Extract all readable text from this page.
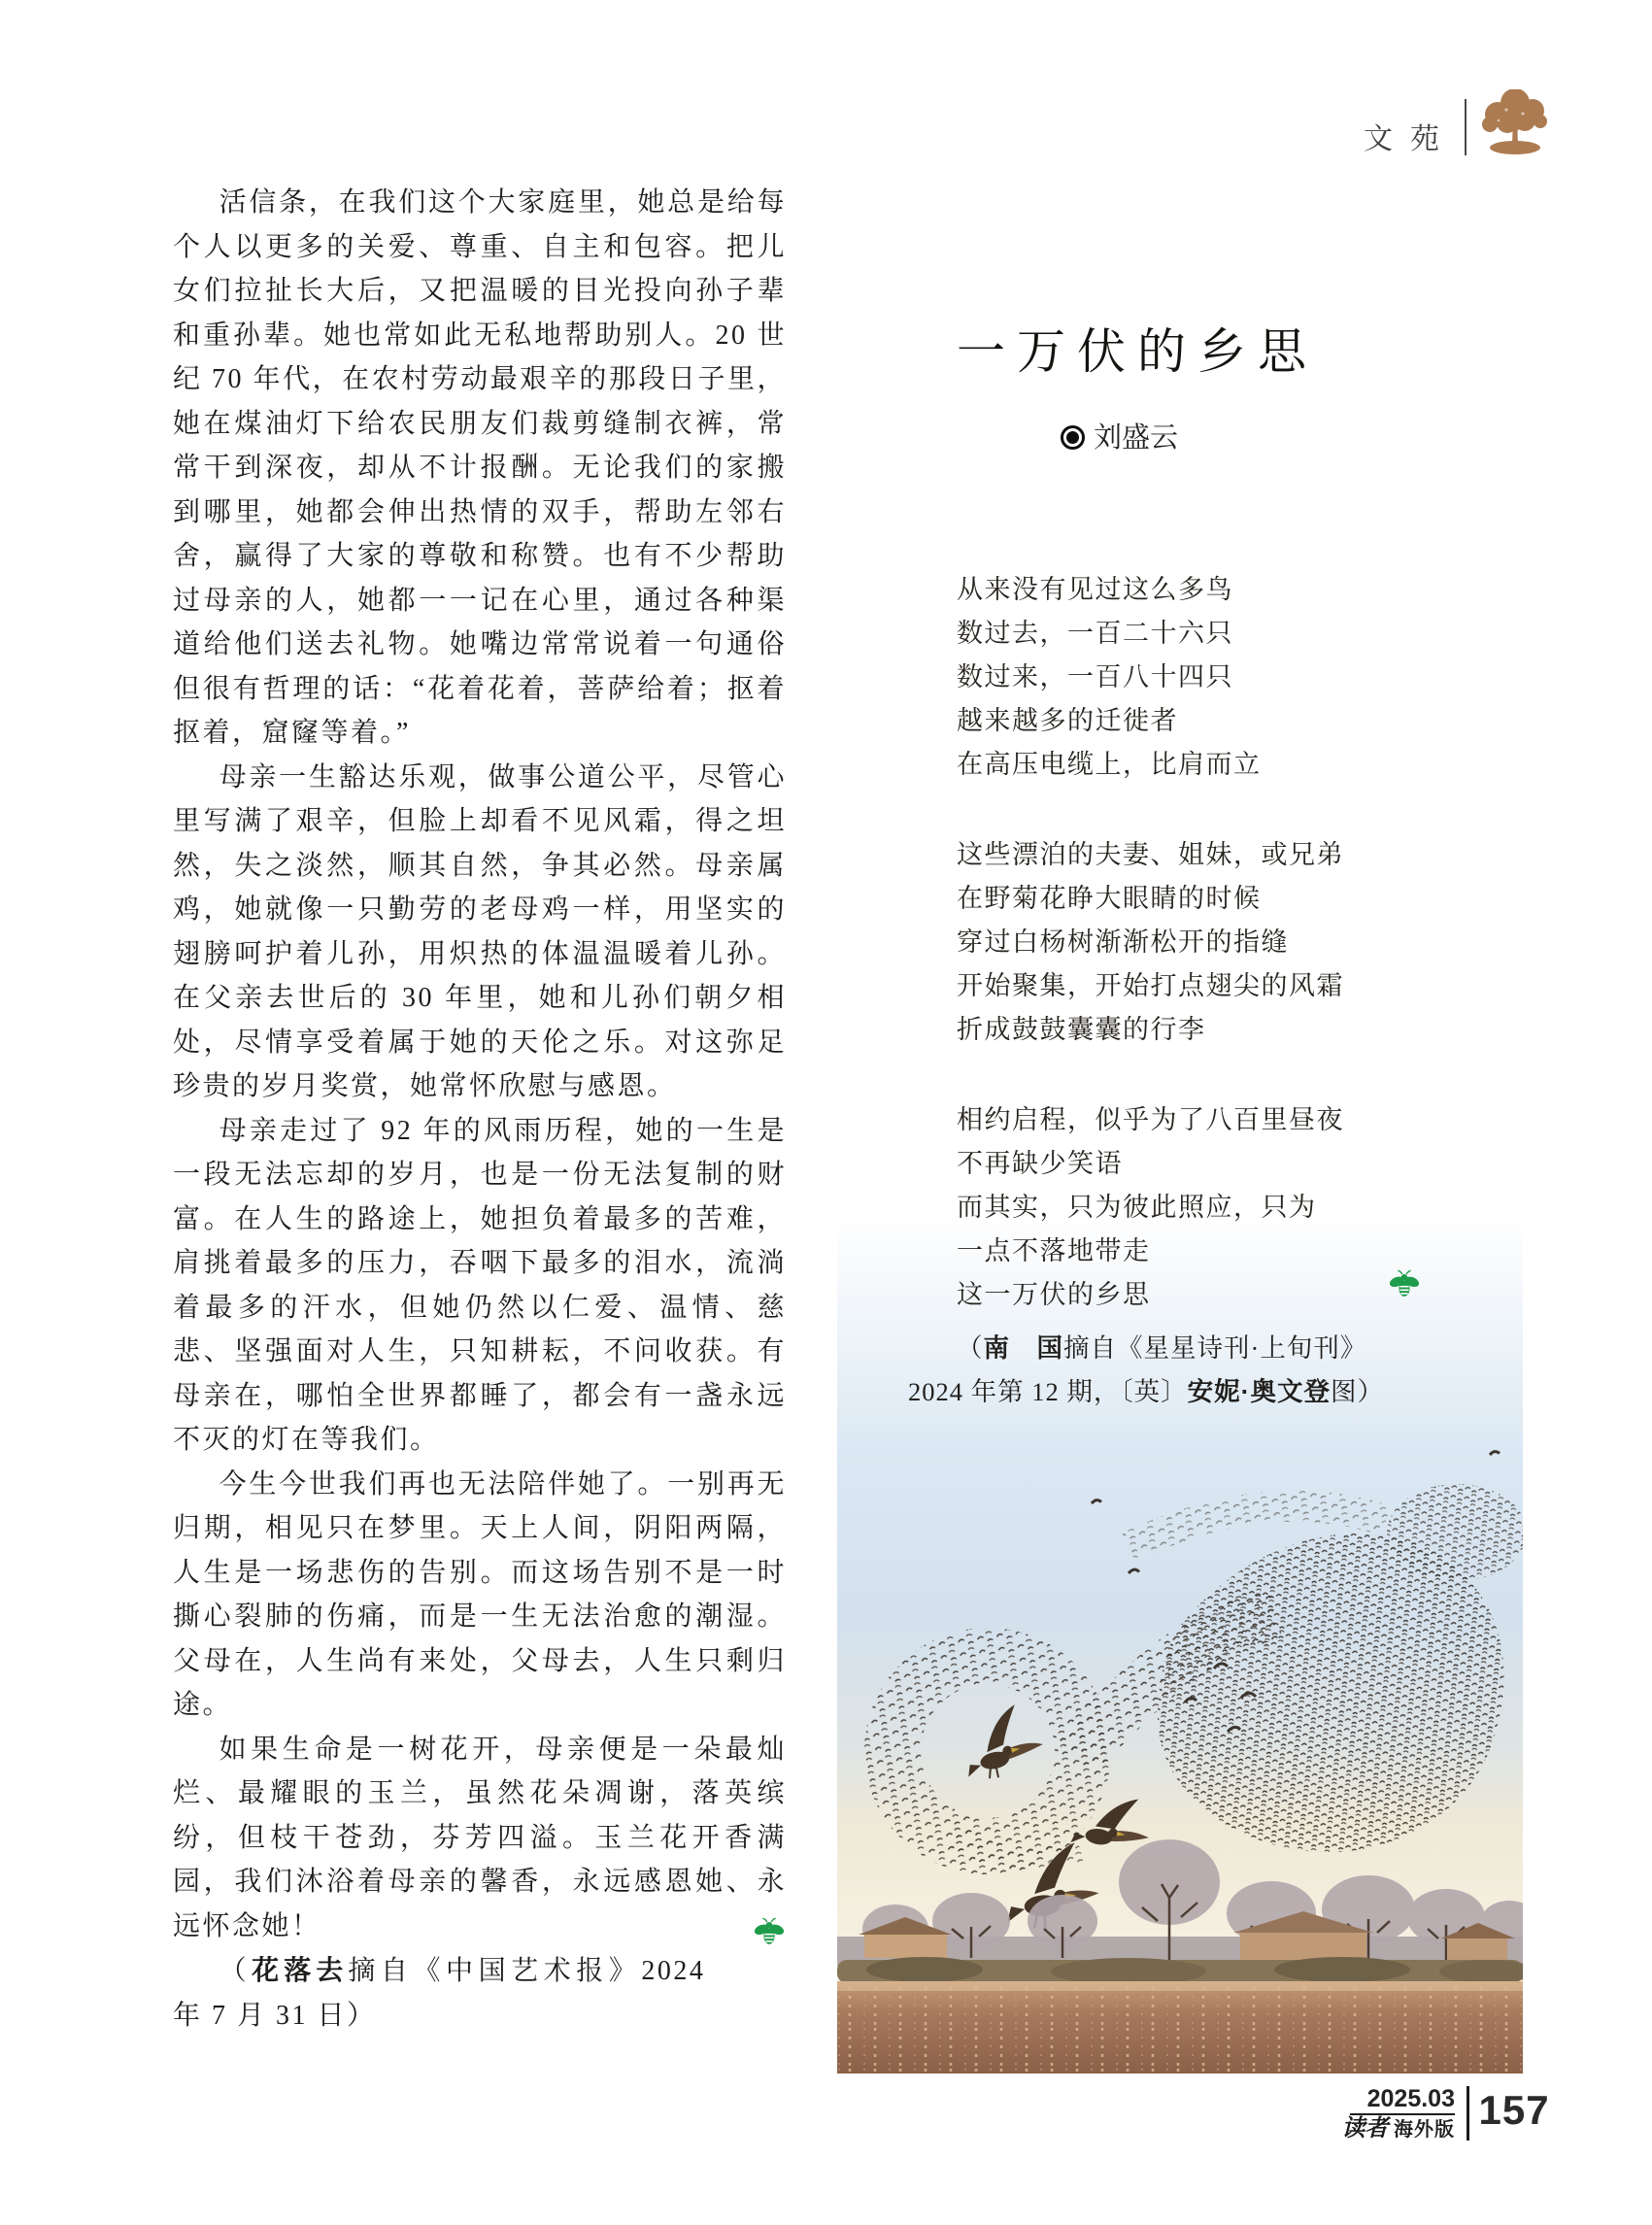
文苑

活信条，在我们这个大家庭里，她总是给每个人以更多的关爱、尊重、自主和包容。把儿女们拉扯长大后，又把温暖的目光投向孙子辈和重孙辈。她也常如此无私地帮助别人。20 世纪 70 年代，在农村劳动最艰辛的那段日子里，她在煤油灯下给农民朋友们裁剪缝制衣裤，常常干到深夜，却从不计报酬。无论我们的家搬到哪里，她都会伸出热情的双手，帮助左邻右舍，赢得了大家的尊敬和称赞。也有不少帮助过母亲的人，她都一一记在心里，通过各种渠道给他们送去礼物。她嘴边常常说着一句通俗但很有哲理的话：“花着花着，菩萨给着；抠着抠着，窟窿等着。”

母亲一生豁达乐观，做事公道公平，尽管心里写满了艰辛，但脸上却看不见风霜，得之坦然，失之淡然，顺其自然，争其必然。母亲属鸡，她就像一只勤劳的老母鸡一样，用坚实的翅膀呵护着儿孙，用炽热的体温温暖着儿孙。在父亲去世后的 30 年里，她和儿孙们朝夕相处，尽情享受着属于她的天伦之乐。对这弥足珍贵的岁月奖赏，她常怀欣慰与感恩。

母亲走过了 92 年的风雨历程，她的一生是一段无法忘却的岁月，也是一份无法复制的财富。在人生的路途上，她担负着最多的苦难，肩挑着最多的压力，吞咽下最多的泪水，流淌着最多的汗水，但她仍然以仁爱、温情、慈悲、坚强面对人生，只知耕耘，不问收获。有母亲在，哪怕全世界都睡了，都会有一盏永远不灭的灯在等我们。

今生今世我们再也无法陪伴她了。一别再无归期，相见只在梦里。天上人间，阴阳两隔，人生是一场悲伤的告别。而这场告别不是一时撕心裂肺的伤痛，而是一生无法治愈的潮湿。父母在，人生尚有来处，父母去，人生只剩归途。

如果生命是一树花开，母亲便是一朵最灿烂、最耀眼的玉兰，虽然花朵凋谢，落英缤纷，但枝干苍劲，芬芳四溢。玉兰花开香满园，我们沐浴着母亲的馨香，永远感恩她、永远怀念她！

（花落去摘自《中国艺术报》2024 年 7 月 31 日）

一万伏的乡思
刘盛云
从来没有见过这么多鸟
数过去，一百二十六只
数过来，一百八十四只
越来越多的迁徙者
在高压电缆上，比肩而立
这些漂泊的夫妻、姐妹，或兄弟
在野菊花睁大眼睛的时候
穿过白杨树渐渐松开的指缝
开始聚集，开始打点翅尖的风霜
折成鼓鼓囊囊的行李
相约启程，似乎为了八百里昼夜
不再缺少笑语
而其实，只为彼此照应，只为
一点不落地带走
这一万伏的乡思
（南　国摘自《星星诗刊·上旬刊》
2024 年第 12 期，〔英〕安妮·奥文登图）
2025.03
读者 海外版 157
